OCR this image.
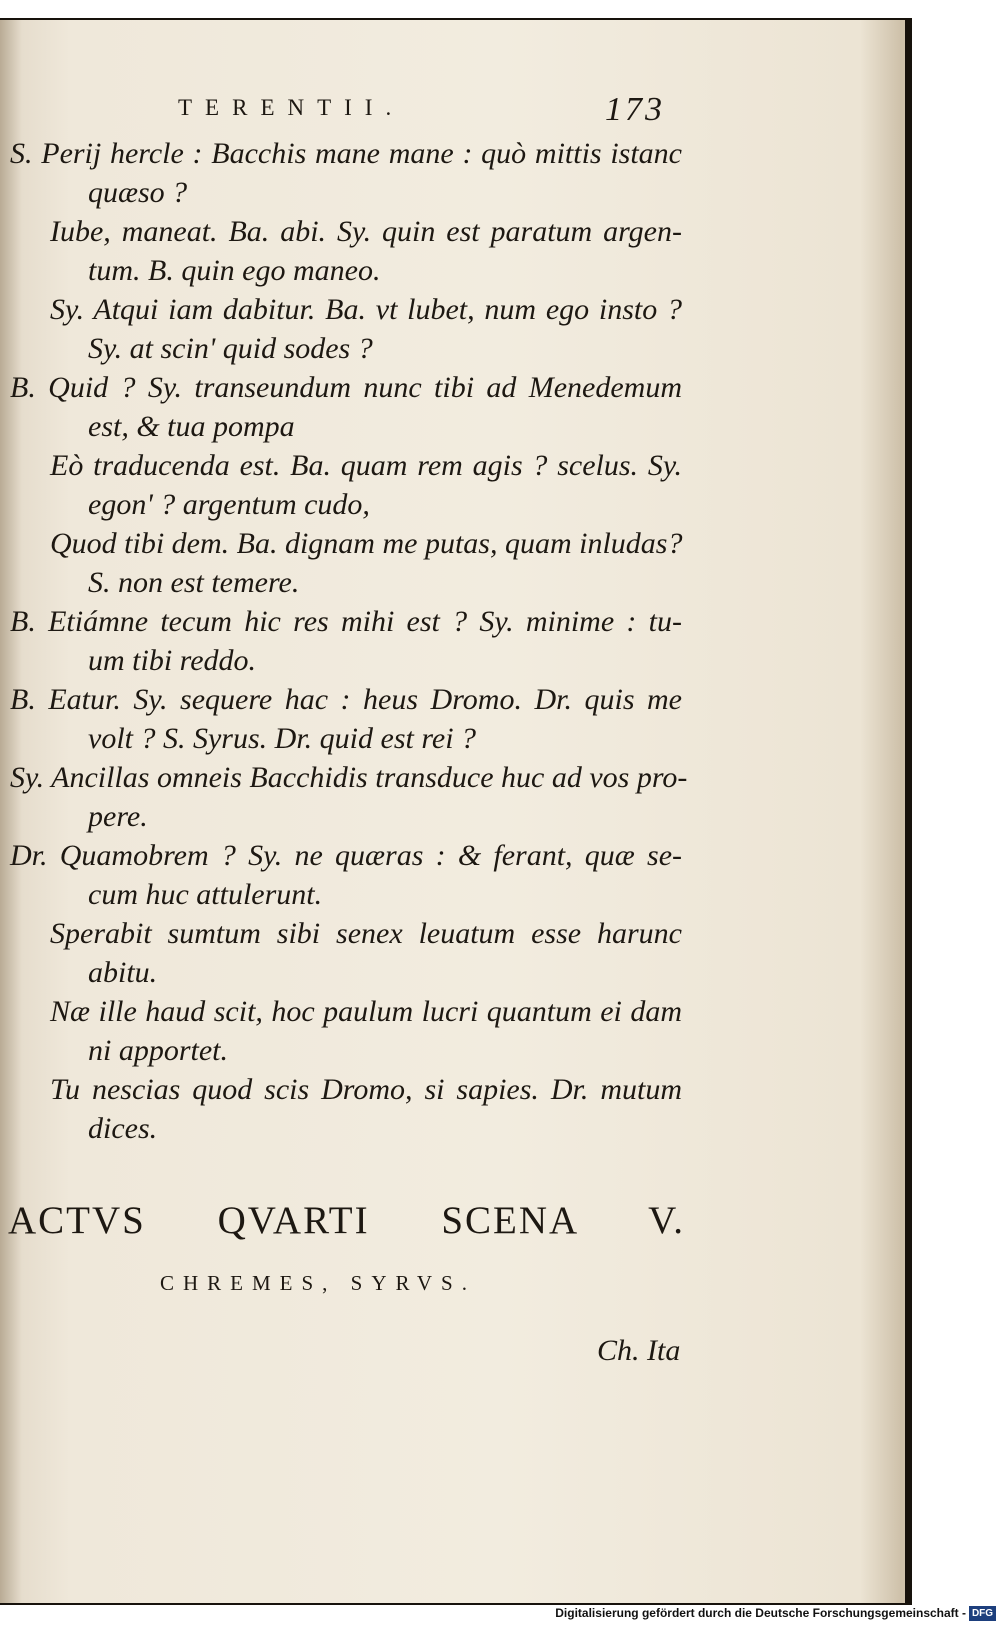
TERENTII.	173
S. Perij hercle : Bacchis mane mane : quò mittis istanc
quæso ?
Iube, maneat. Ba. abi. Sy. quin est paratum argen-
tum. B. quin ego maneo.
Sy. Atqui iam dabitur. Ba. vt lubet, num ego insto ?
Sy. at scin' quid sodes ?
B. Quid ? Sy. transeundum nunc tibi ad Menedemum
est, & tua pompa
Eò traducenda est. Ba. quam rem agis ? scelus. Sy.
egon' ? argentum cudo,
Quod tibi dem. Ba. dignam me putas, quam inludas?
S. non est temere.
B. Etiámne tecum hic res mihi est ? Sy. minime : tu-
um tibi reddo.
B. Eatur. Sy. sequere hac : heus Dromo. Dr. quis me
volt ? S. Syrus. Dr. quid est rei ?
Sy. Ancillas omneis Bacchidis transduce huc ad vos pro-
pere.
Dr. Quamobrem ? Sy. ne quæras : & ferant, quæ se-
cum huc attulerunt.
Sperabit sumtum sibi senex leuatum esse harunc
abitu.
Næ ille haud scit, hoc paulum lucri quantum ei dam
ni apportet.
Tu nescias quod scis Dromo, si sapies. Dr. mutum
dices.
ACTVS QVARTI SCENA V.
CHREMES, SYRVS.
Ch. Ita
Digitalisierung gefördert durch die Deutsche Forschungsgemeinschaft - DFG
